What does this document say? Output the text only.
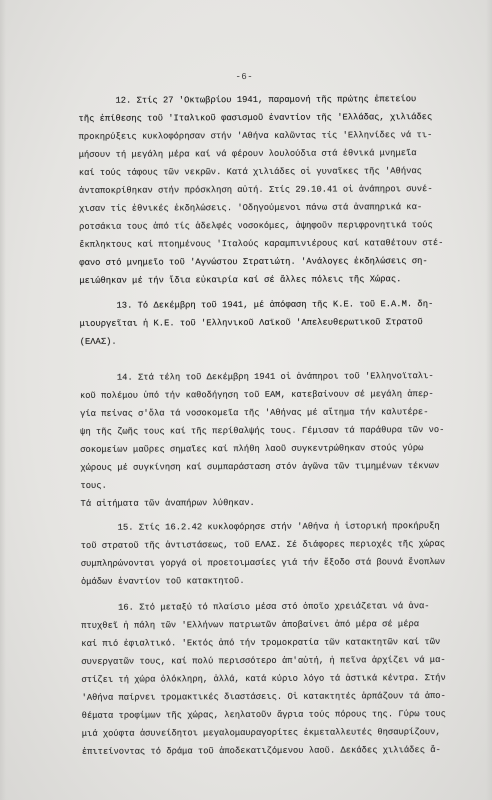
-6-
12. Στίς 27 'Οκτωβρίου 1941, παραμονή τῆς πρώτης ἐπετείου
τῆς ἐπίθεσης τοῦ 'Ιταλικοῦ φασισμοῦ ἐναντίον τῆς 'Ελλάδας, χιλιάδες
προκηρύξεις κυκλοφόρησαν στήν 'Αθήνα καλῶντας τίς 'Ελληνίδες νά τι-
μήσουν τή μεγάλη μέρα καί νά φέρουν λουλούδια στά ἐθνικά μνημεῖα
καί τούς τάφους τῶν νεκρῶν. Κατά χιλιάδες οἱ γυναῖκες τῆς 'Αθήνας
ἀνταποκρίθηκαν στήν πρόσκληση αὐτή. Στίς 29.10.41 οἱ ἀνάπηροι συνέ-
χισαν τίς ἐθνικές ἐκδηλώσεις. 'Οδηγούμενοι πάνω στά ἀναπηρικά κα-
ροτσάκια τους ἀπό τίς ἀδελφές νοσοκόμες, ἀψηφοῦν περιφρονητικά τούς
ἔκπληκτους καί πτοημένους 'Ιταλούς καραμπινιέρους καί καταθέτουν στέ-
φανο στό μνημεῖο τοῦ 'Αγνώστου Στρατιώτη. 'Ανάλογες ἐκδηλώσεις ση-
μειώθηκαν μέ τήν ἴδια εὐκαιρία καί σέ ἄλλες πόλεις τῆς Χώρας.
13. Τό Δεκέμβρη τοῦ 1941, μέ ἀπόφαση τῆς Κ.Ε. τοῦ Ε.Α.Μ. δη-
μιουργεῖται ἡ Κ.Ε. τοῦ 'Ελληνικοῦ Λαϊκοῦ 'Απελευθερωτικοῦ Στρατοῦ
(ΕΛΑΣ).
14. Στά τέλη τοῦ Δεκέμβρη 1941 οἱ ἀνάπηροι τοῦ 'Ελληνοϊταλι-
κοῦ πολέμου ὑπό τήν καθοδήγηση τοῦ ΕΑΜ, κατεβαίνουν σέ μεγάλη ἀπερ-
γία πείνας σ'ὅλα τά νοσοκομεῖα τῆς 'Αθήνας μέ αἴτημα τήν καλυτέρε-
ψη τῆς ζωῆς τους καί τῆς περίθαλψής τους. Γέμισαν τά παράθυρα τῶν νο-
σοκομείων μαῦρες σημαῖες καί πλήθη λαοῦ συγκεντρώθηκαν στούς γύρω
χώρους μέ συγκίνηση καί συμπαράσταση στόν ἀγῶνα τῶν τιμημένων τέκνων
τους.
Τά αἰτήματα τῶν ἀναπήρων λύθηκαν.
15. Στίς 16.2.42 κυκλοφόρησε στήν 'Αθήνα ἡ ἱστορική προκήρυξη
τοῦ στρατοῦ τῆς ἀντιστάσεως, τοῦ ΕΛΑΣ. Σέ διάφορες περιοχές τῆς χώρας
συμπληρώνονται γοργά οἱ προετοιμασίες γιά τήν ἔξοδο στά βουνά ἔνοπλων
ὁμάδων ἐναντίον τοῦ κατακτητοῦ.
16. Στό μεταξύ τό πλαίσιο μέσα στό ὁποῖο χρειάζεται νά ἀνα-
πτυχθεῖ ἡ πάλη τῶν 'Ελλήνων πατριωτῶν ἀποβαίνει ἀπό μέρα σέ μέρα
καί πιό ἐφιαλτικό. 'Εκτός ἀπό τήν τρομοκρατία τῶν κατακτητῶν καί τῶν
συνεργατῶν τους, καί πολύ περισσότερο ἀπ'αὐτή, ἡ πεῖνα ἀρχίζει νά μα-
στίζει τή χώρα ὁλόκληρη, ἀλλά, κατά κύριο λόγο τά ἀστικά κέντρα. Στήν
'Αθήνα παίρνει τρομακτικές διαστάσεις. Οἱ κατακτητές ἁρπάζουν τά ἀπο-
θέματα τροφίμων τῆς χώρας, λεηλατοῦν ἄγρια τούς πόρους της. Γύρω τους
μιά χούφτα ἀσυνείδητοι μεγαλομαυραγορίτες ἐκμεταλλευτές θησαυρίζουν,
ἐπιτείνοντας τό δράμα τοῦ ἀποδεκατιζόμενου λαοῦ. Δεκάδες χιλιάδες ἄ-
